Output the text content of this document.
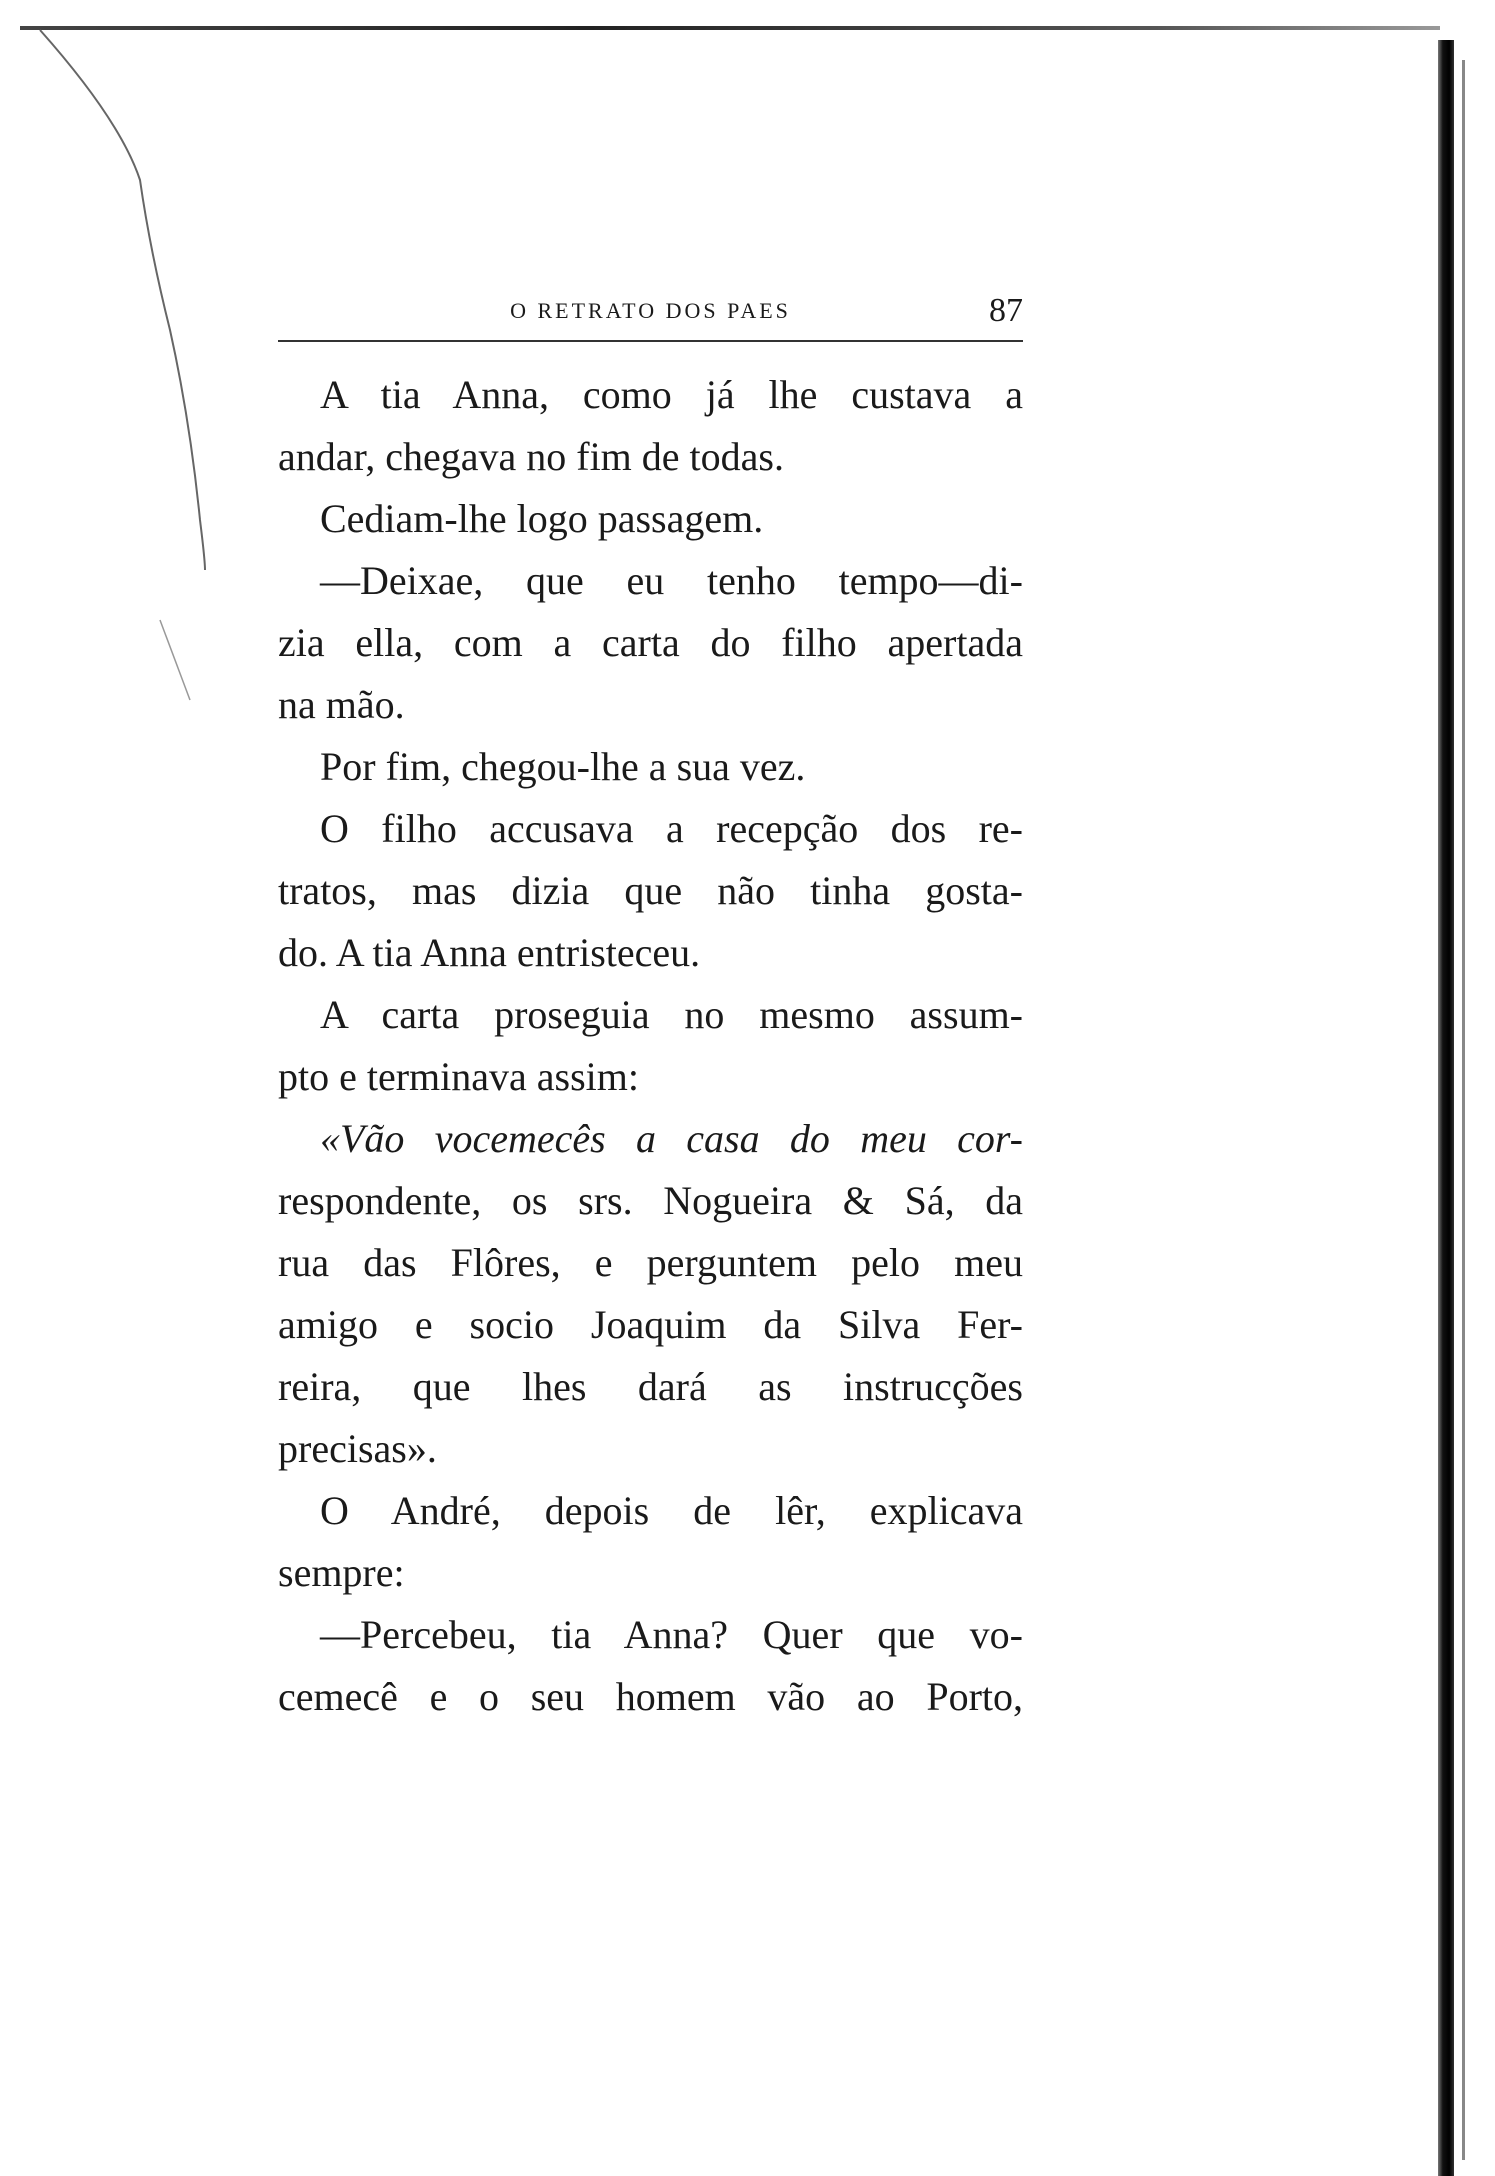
O RETRATO DOS PAES	87
A tia Anna, como já lhe custava a
andar, chegava no fim de todas.
Cediam-lhe logo passagem.
—Deixae, que eu tenho tempo—di-
zia ella, com a carta do filho apertada
na mão.
Por fim, chegou-lhe a sua vez.
O filho accusava a recepção dos re-
tratos, mas dizia que não tinha gosta-
do. A tia Anna entristeceu.
A carta proseguia no mesmo assum-
pto e terminava assim:
«Vão vocemecês a casa do meu cor-
respondente, os srs. Nogueira & Sá, da
rua das Flôres, e perguntem pelo meu
amigo e socio Joaquim da Silva Fer-
reira, que lhes dará as instrucções
precisas».
O André, depois de lêr, explicava
sempre:
—Percebeu, tia Anna? Quer que vo-
cemecê e o seu homem vão ao Porto,
